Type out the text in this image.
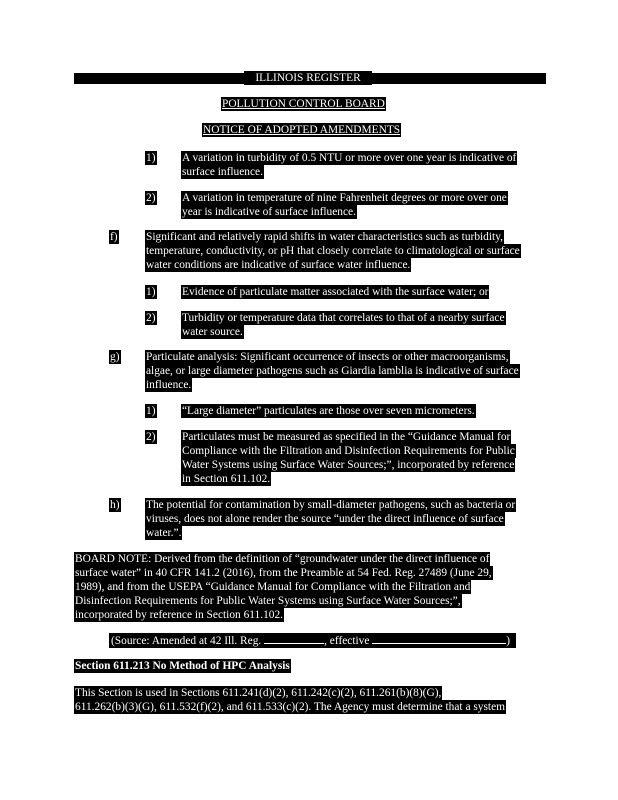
ILLINOIS REGISTER
POLLUTION CONTROL BOARD
NOTICE OF ADOPTED AMENDMENTS
1) A variation in turbidity of 0.5 NTU or more over one year is indicative of
surface influence.
2) A variation in temperature of nine Fahrenheit degrees or more over one
year is indicative of surface influence.
f) Significant and relatively rapid shifts in water characteristics such as turbidity,
temperature, conductivity, or pH that closely correlate to climatological or surface
water conditions are indicative of surface water influence.
1) Evidence of particulate matter associated with the surface water; or
2) Turbidity or temperature data that correlates to that of a nearby surface
water source.
g) Particulate analysis: Significant occurrence of insects or other macroorganisms,
algae, or large diameter pathogens such as Giardia lamblia is indicative of surface
influence.
1) “Large diameter” particulates are those over seven micrometers.
2) Particulates must be measured as specified in the “Guidance Manual for
Compliance with the Filtration and Disinfection Requirements for Public
Water Systems using Surface Water Sources;”, incorporated by reference
in Section 611.102.
h) The potential for contamination by small-diameter pathogens, such as bacteria or
viruses, does not alone render the source “under the direct influence of surface
water.”.
BOARD NOTE: Derived from the definition of “groundwater under the direct influence of
surface water” in 40 CFR 141.2 (2016), from the Preamble at 54 Fed. Reg. 27489 (June 29,
1989), and from the USEPA “Guidance Manual for Compliance with the Filtration and
Disinfection Requirements for Public Water Systems using Surface Water Sources;”,
incorporated by reference in Section 611.102.
(Source: Amended at 42 Ill. Reg.	, effective	)
Section 611.213 No Method of HPC Analysis
This Section is used in Sections 611.241(d)(2), 611.242(c)(2), 611.261(b)(8)(G),
611.262(b)(3)(G), 611.532(f)(2), and 611.533(c)(2). The Agency must determine that a system
